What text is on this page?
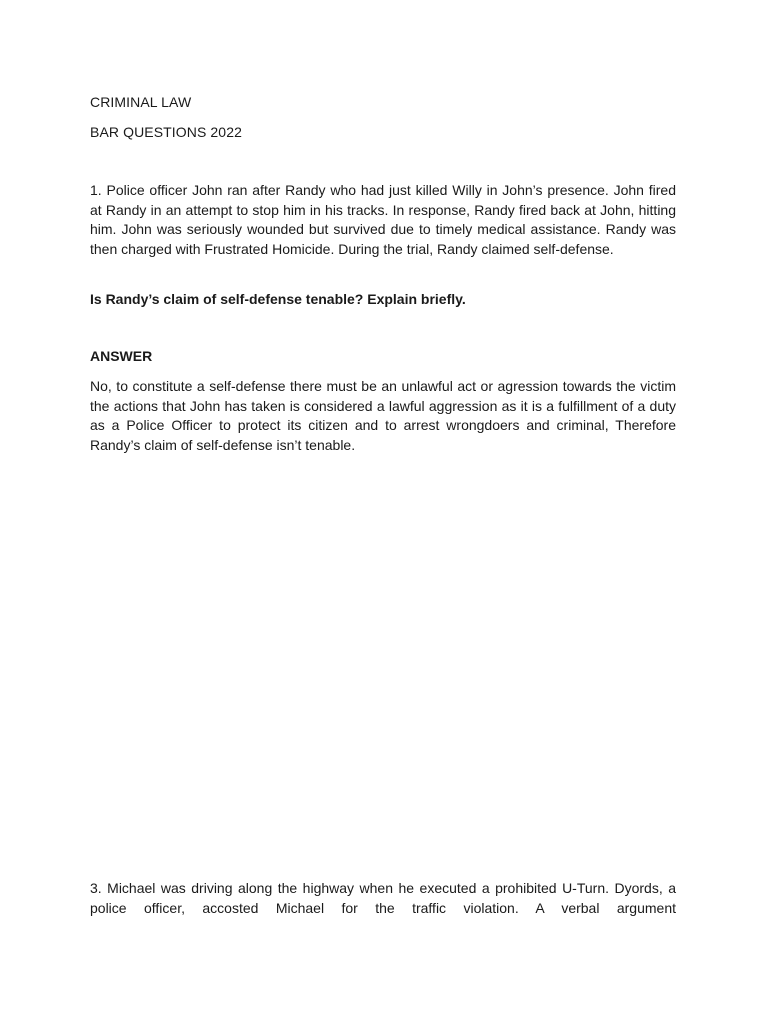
CRIMINAL LAW
BAR QUESTIONS 2022

1. Police officer John ran after Randy who had just killed Willy in John’s presence. John fired at Randy in an attempt to stop him in his tracks. In response, Randy fired back at John, hitting him. John was seriously wounded but survived due to timely medical assistance. Randy was then charged with Frustrated Homicide. During the trial, Randy claimed self-defense.

Is Randy’s claim of self-defense tenable? Explain briefly.
ANSWER

No, to constitute a self-defense there must be an unlawful act or agression towards the victim the actions that John has taken is considered a lawful aggression as it is a fulfillment of a duty as a Police Officer to protect its citizen and to arrest wrongdoers and criminal, Therefore Randy’s claim of self-defense isn’t tenable.

3. Michael was driving along the highway when he executed a prohibited U-Turn. Dyords, a police officer, accosted Michael for the traffic violation. A verbal argument
